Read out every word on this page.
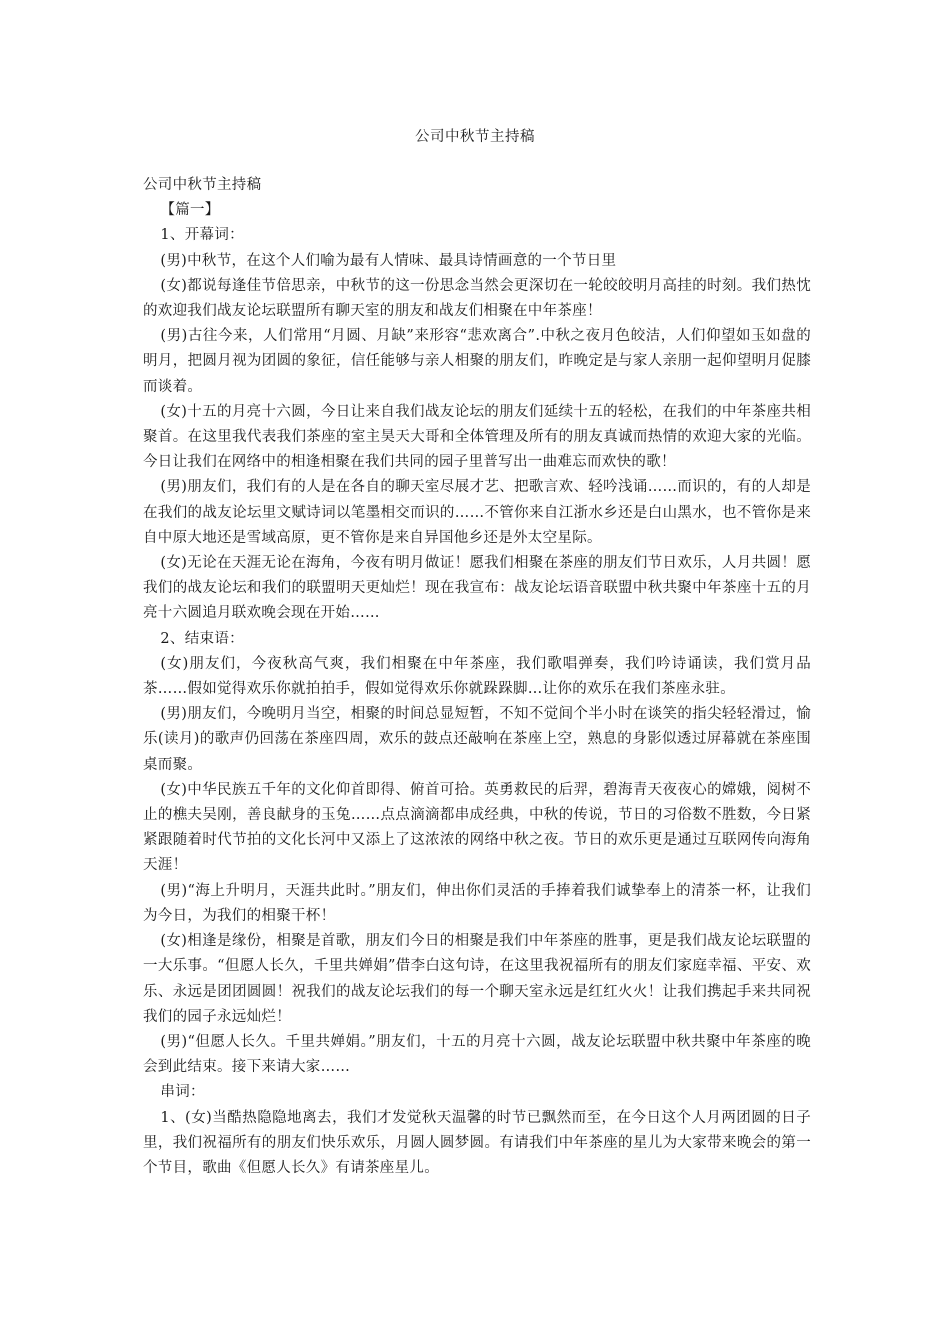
公司中秋节主持稿

公司中秋节主持稿

【篇一】

1、开幕词：

(男)中秋节，在这个人们喻为最有人情味、最具诗情画意的一个节日里

(女)都说每逢佳节倍思亲，中秋节的这一份思念当然会更深切在一轮皎皎明月高挂的时刻。我们热忱的欢迎我们战友论坛联盟所有聊天室的朋友和战友们相聚在中年茶座！

(男)古往今来，人们常用“月圆、月缺”来形容“悲欢离合”.中秋之夜月色皎洁，人们仰望如玉如盘的明月，把圆月视为团圆的象征，信任能够与亲人相聚的朋友们，昨晚定是与家人亲朋一起仰望明月促膝而谈着。

(女)十五的月亮十六圆，今日让来自我们战友论坛的朋友们延续十五的轻松，在我们的中年茶座共相聚首。在这里我代表我们茶座的室主昊天大哥和全体管理及所有的朋友真诚而热情的欢迎大家的光临。今日让我们在网络中的相逢相聚在我们共同的园子里普写出一曲难忘而欢快的歌！

(男)朋友们，我们有的人是在各自的聊天室尽展才艺、把歌言欢、轻吟浅诵……而识的，有的人却是在我们的战友论坛里文赋诗词以笔墨相交而识的……不管你来自江浙水乡还是白山黑水，也不管你是来自中原大地还是雪域高原，更不管你是来自异国他乡还是外太空星际。

(女)无论在天涯无论在海角，今夜有明月做证！愿我们相聚在茶座的朋友们节日欢乐，人月共圆！愿我们的战友论坛和我们的联盟明天更灿烂！现在我宣布：战友论坛语音联盟中秋共聚中年茶座十五的月亮十六圆追月联欢晚会现在开始……

2、结束语：

(女)朋友们，今夜秋高气爽，我们相聚在中年茶座，我们歌唱弹奏，我们吟诗诵读，我们赏月品茶……假如觉得欢乐你就拍拍手，假如觉得欢乐你就跺跺脚…让你的欢乐在我们茶座永驻。

(男)朋友们，今晚明月当空，相聚的时间总显短暂，不知不觉间个半小时在谈笑的指尖轻轻滑过，愉乐(读月)的歌声仍回荡在茶座四周，欢乐的鼓点还敲响在茶座上空，熟息的身影似透过屏幕就在茶座围桌而聚。

(女)中华民族五千年的文化仰首即得、俯首可拾。英勇救民的后羿，碧海青天夜夜心的嫦娥，阅树不止的樵夫吴刚，善良献身的玉兔……点点滴滴都串成经典，中秋的传说，节日的习俗数不胜数，今日紧紧跟随着时代节拍的文化长河中又添上了这浓浓的网络中秋之夜。节日的欢乐更是通过互联网传向海角天涯！

(男)“海上升明月，天涯共此时。”朋友们，伸出你们灵活的手捧着我们诚挚奉上的清茶一杯，让我们为今日，为我们的相聚干杯！

(女)相逢是缘份，相聚是首歌，朋友们今日的相聚是我们中年茶座的胜事，更是我们战友论坛联盟的一大乐事。“但愿人长久，千里共婵娟”借李白这句诗，在这里我祝福所有的朋友们家庭幸福、平安、欢乐、永远是团团圆圆！祝我们的战友论坛我们的每一个聊天室永远是红红火火！让我们携起手来共同祝我们的园子永远灿烂！

(男)“但愿人长久。千里共婵娟。”朋友们，十五的月亮十六圆，战友论坛联盟中秋共聚中年茶座的晚会到此结束。接下来请大家……

串词：

1、(女)当酷热隐隐地离去，我们才发觉秋天温馨的时节已飘然而至，在今日这个人月两团圆的日子里，我们祝福所有的朋友们快乐欢乐，月圆人圆梦圆。有请我们中年茶座的星儿为大家带来晚会的第一个节目，歌曲《但愿人长久》有请茶座星儿。
